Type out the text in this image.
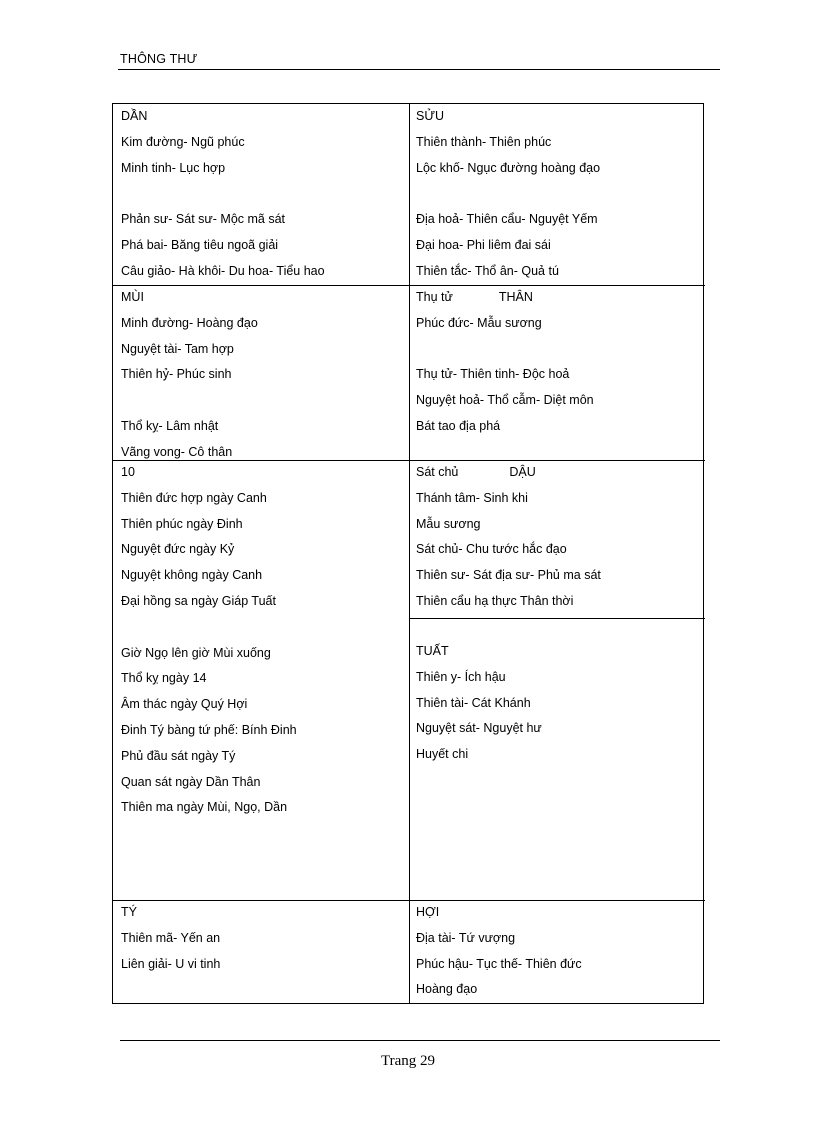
THÔNG THƯ
DẦN
Kim đường- Ngũ phúc
Minh tinh- Lục hợp
Phản sư- Sát sư- Mộc mã sát
Phá bai- Băng tiêu ngoã giải
Câu giảo- Hà khôi- Du hoa- Tiểu hao
SỬU
Thiên thành- Thiên phúc
Lộc khố- Ngục đường hoàng đạo
Địa hoả- Thiên cẩu- Nguyệt Yếm
Đại hoa- Phi liêm đai sái
Thiên tắc- Thổ ân- Quả tú
MÙI
Minh đường- Hoàng đạo
Nguyệt tài- Tam hợp
Thiên hỷ- Phúc sinh
Thổ kỵ- Lâm nhật
Vãng vong- Cô thân
Thụ tử	THÂN
Phúc đức- Mẫu sương
Thụ tử- Thiên tinh- Độc hoả
Nguyệt hoả- Thổ cẫm- Diệt môn
Bát tao địa phá
10
Thiên đức hợp ngày Canh
Thiên phúc ngày Đinh
Nguyệt đức ngày Kỷ
Nguyệt không ngày Canh
Đại hồng sa ngày Giáp Tuất
Giờ Ngọ lên giờ Mùi xuống
Thổ kỵ ngày 14
Âm thác ngày Quý Hợi
Đinh Tý bàng tứ phế: Bính Đinh
Phủ đầu sát ngày Tý
Quan sát ngày Dần Thân
Thiên ma ngày Mùi, Ngọ, Dần
Sát chủ	DẬU
Thánh tâm- Sinh khi
Mẫu sương
Sát chủ- Chu tước hắc đạo
Thiên sư- Sát địa sư- Phủ ma sát
Thiên cẩu hạ thực Thân thời
TUẤT
Thiên y- Ích hậu
Thiên tài- Cát Khánh
Nguyệt sát- Nguyệt hư
Huyết chi
TÝ
Thiên mã- Yến an
Liên giải- U vi tinh
HỢI
Địa tài- Tứ vượng
Phúc hậu- Tục thế- Thiên đức
Hoàng đạo
Trang 29
